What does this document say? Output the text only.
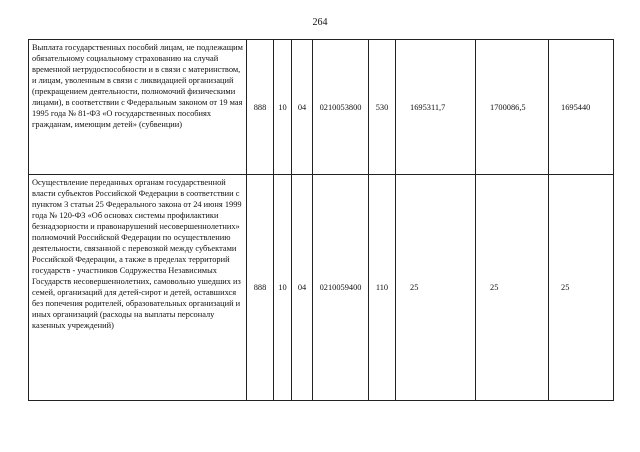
264
Выплата государственных пособий лицам, не подлежащим обязательному социальному страхованию на случай временной нетрудоспособности и в связи с материнством, и лицам, уволенным в связи с ликвидацией организаций (прекращением деятельности, полномочий физическими лицами), в соответствии с Федеральным законом от 19 мая 1995 года № 81-ФЗ «О государственных пособиях гражданам, имеющим детей» (субвенции)	888	10	04	0210053800	530	1695311,7	1700086,5	1695440
Осуществление переданных органам государственной власти субъектов Российской Федерации в соответствии с пунктом 3 статьи 25 Федерального закона от 24 июня 1999 года № 120-ФЗ «Об основах системы профилактики безнадзорности и правонарушений несовершеннолетних» полномочий Российской Федерации по осуществлению деятельности, связанной с перевозкой между субъектами Российской Федерации, а также в пределах территорий государств - участников Содружества Независимых Государств несовершеннолетних, самовольно ушедших из семей, организаций для детей-сирот и детей, оставшихся без попечения родителей, образовательных организаций и иных организаций (расходы на выплаты персоналу казенных учреждений)	888	10	04	0210059400	110	25	25	25
